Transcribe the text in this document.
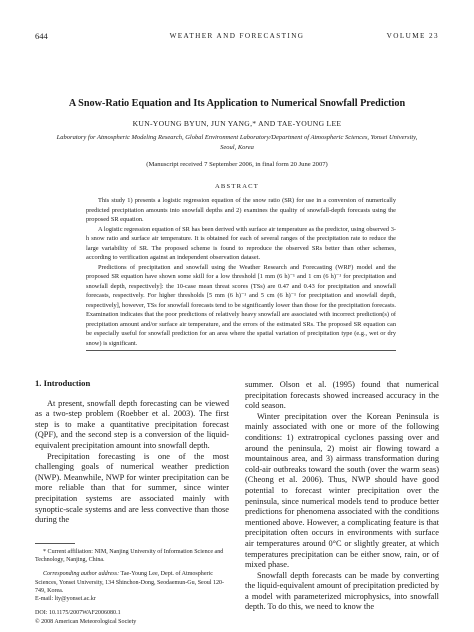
644	WEATHER AND FORECASTING	VOLUME 23
A Snow-Ratio Equation and Its Application to Numerical Snowfall Prediction
KUN-YOUNG BYUN, JUN YANG,* AND TAE-YOUNG LEE
Laboratory for Atmospheric Modeling Research, Global Environment Laboratory/Department of Atmospheric Sciences, Yonsei University, Seoul, Korea
(Manuscript received 7 September 2006, in final form 20 June 2007)
ABSTRACT

This study 1) presents a logistic regression equation of the snow ratio (SR) for use in a conversion of numerically predicted precipitation amounts into snowfall depths and 2) examines the quality of snowfall-depth forecasts using the proposed SR equation.

A logistic regression equation of SR has been derived with surface air temperature as the predictor, using observed 3-h snow ratio and surface air temperature. It is obtained for each of several ranges of the precipitation rate to reduce the large variability of SR. The proposed scheme is found to reproduce the observed SRs better than other schemes, according to verification against an independent observation dataset.

Predictions of precipitation and snowfall using the Weather Research and Forecasting (WRF) model and the proposed SR equation have shown some skill for a low threshold [1 mm (6 h)⁻¹ and 1 cm (6 h)⁻¹ for precipitation and snowfall depth, respectively]: the 10-case mean threat scores (TSs) are 0.47 and 0.43 for precipitation and snowfall forecasts, respectively. For higher thresholds [5 mm (6 h)⁻¹ and 5 cm (6 h)⁻¹ for precipitation and snowfall depth, respectively], however, TSs for snowfall forecasts tend to be significantly lower than those for the precipitation forecasts. Examination indicates that the poor predictions of relatively heavy snowfall are associated with incorrect prediction(s) of precipitation amount and/or surface air temperature, and the errors of the estimated SRs. The proposed SR equation can be especially useful for snowfall prediction for an area where the spatial variation of precipitation type (e.g., wet or dry snow) is significant.

1. Introduction

At present, snowfall depth forecasting can be viewed as a two-step problem (Roebber et al. 2003). The first step is to make a quantitative precipitation forecast (QPF), and the second step is a conversion of the liquid-equivalent precipitation amount into snowfall depth.

Precipitation forecasting is one of the most challenging goals of numerical weather prediction (NWP). Meanwhile, NWP for winter precipitation can be more reliable than that for summer, since winter precipitation systems are associated mainly with synoptic-scale systems and are less convective than those during the

summer. Olson et al. (1995) found that numerical precipitation forecasts showed increased accuracy in the cold season.

Winter precipitation over the Korean Peninsula is mainly associated with one or more of the following conditions: 1) extratropical cyclones passing over and around the peninsula, 2) moist air flowing toward a mountainous area, and 3) airmass transformation during cold-air outbreaks toward the south (over the warm seas) (Cheong et al. 2006). Thus, NWP should have good potential to forecast winter precipitation over the peninsula, since numerical models tend to produce better predictions for phenomena associated with the conditions mentioned above. However, a complicating feature is that precipitation often occurs in environments with surface air temperatures around 0°C or slightly greater, at which temperatures precipitation can be either snow, rain, or of mixed phase.

Snowfall depth forecasts can be made by converting the liquid-equivalent amount of precipitation predicted by a model with parameterized microphysics, into snowfall depth. To do this, we need to know the

* Current affiliation: NIM, Nanjing University of Information Science and Technology, Nanjing, China.

Corresponding author address: Tae-Young Lee, Dept. of Atmospheric Sciences, Yonsei University, 134 Shinchon-Dong, Seodaemun-Gu, Seoul 120-749, Korea.
E-mail: lty@yonsei.ac.kr

DOI: 10.1175/2007WAF2006080.1

© 2008 American Meteorological Society
